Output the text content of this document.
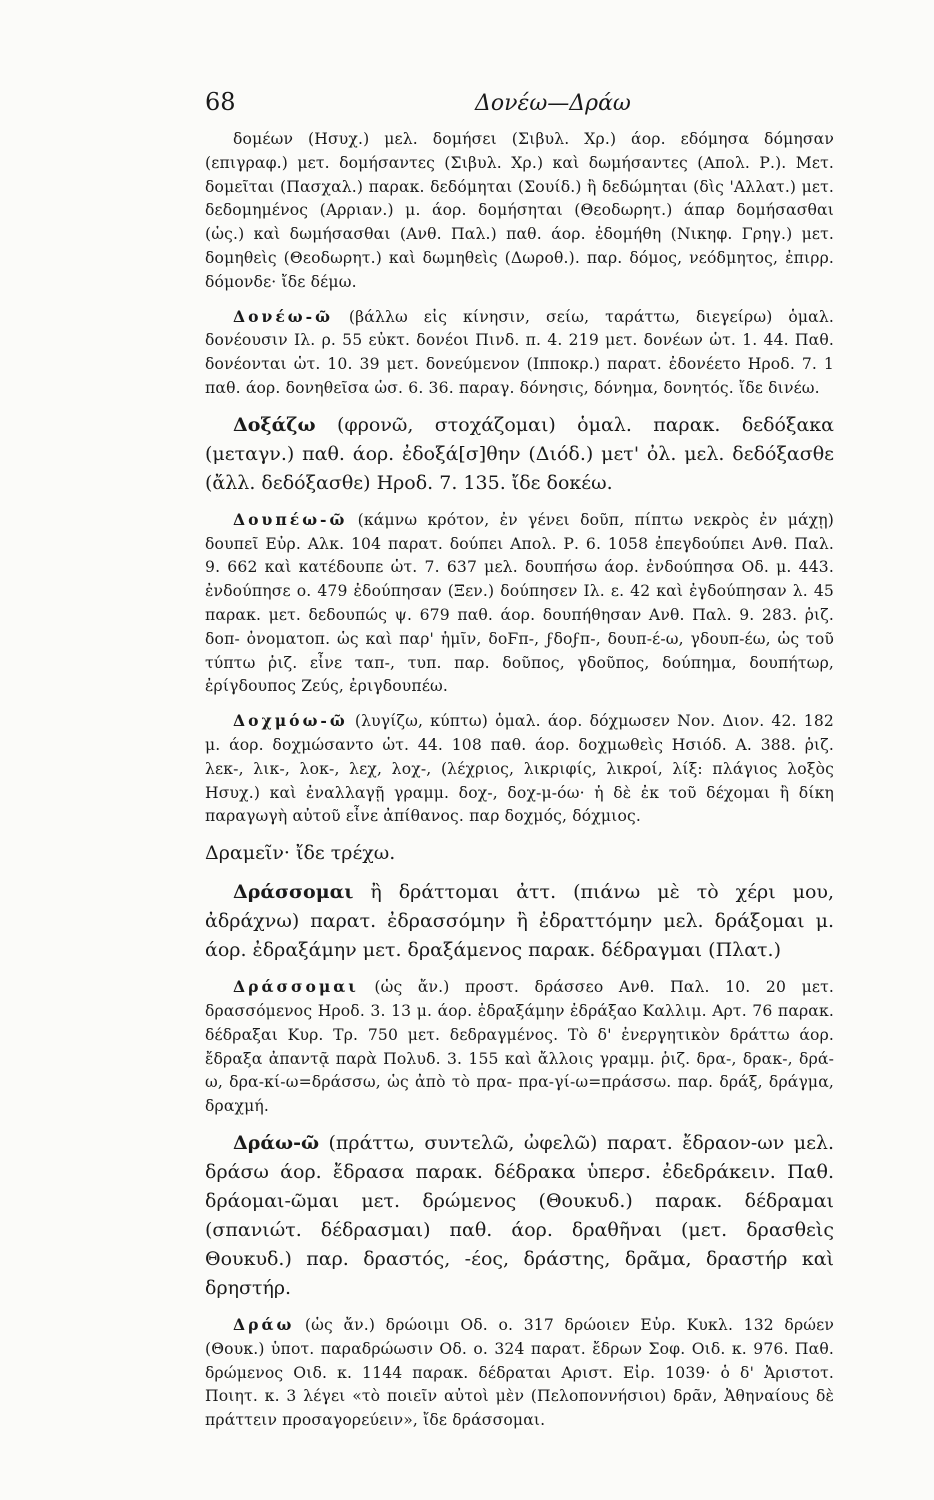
68	Δονέω—Δράω

δομέων (Ησυχ.) μελ. δομήσει (Σιβυλ. Χρ.) άορ. εδόμησα δόμησαν (επιγραφ.) μετ. δομήσαντες (Σιβυλ. Χρ.) καὶ δωμήσαντες (Απολ. Ρ.). Μετ. δομεῖται (Πασχαλ.) παρακ. δεδόμηται (Σουίδ.) ἢ δεδώμηται (δὶς 'Αλλατ.) μετ. δεδομημένος (Αρριαν.) μ. άορ. δομήσηται (Θεοδωρητ.) άπαρ δομήσασθαι (ὡς.) καὶ δωμήσασθαι (Ανθ. Παλ.) παθ. άορ. ἐδομήθη (Νικηφ. Γρηγ.) μετ. δομηθεὶς (Θεοδωρητ.) καὶ δωμηθεὶς (Δωροθ.). παρ. δόμος, νεόδμητος, ἐπιρρ. δόμονδε· ἴδε δέμω.

Δονέω-ῶ (βάλλω εἰς κίνησιν, σείω, ταράττω, διεγείρω) ὁμαλ. δονέουσιν Ιλ. ρ. 55 εὐκτ. δονέοι Πινδ. π. 4. 219 μετ. δονέων ὡτ. 1. 44. Παθ. δονέονται ὡτ. 10. 39 μετ. δονεύμενον (Ιπποκρ.) παρατ. ἐδονέετο Ηροδ. 7. 1 παθ. άορ. δονηθεῖσα ὡσ. 6. 36. παραγ. δόνησις, δόνημα, δονητός. ἴδε δινέω.

Δοξάζω (φρονῶ, στοχάζομαι) ὁμαλ. παρακ. δεδόξακα (μεταγν.) παθ. άορ. ἐδοξά[σ]θην (Διόδ.) μετ' ὀλ. μελ. δεδόξασθε (ἄλλ. δεδόξασθε) Ηροδ. 7. 135. ἴδε δοκέω.

Δουπέω-ῶ (κάμνω κρότον, ἐν γένει δοῦπ, πίπτω νεκρὸς ἐν μάχῃ) δουπεῖ Εὐρ. Αλκ. 104 παρατ. δούπει Απολ. Ρ. 6. 1058 ἐπεγδούπει Ανθ. Παλ. 9. 662 καὶ κατέδουπε ὡτ. 7. 637 μελ. δουπήσω άορ. ἐνδούπησα Οδ. μ. 443. ἐνδούπησε ο. 479 ἐδούπησαν (Ξεν.) δούπησεν Ιλ. ε. 42 καὶ ἐγδούπησαν λ. 45 παρακ. μετ. δεδουπώς ψ. 679 παθ. άορ. δουπήθησαν Ανθ. Παλ. 9. 283. ῥιζ. δοπ- ὀνοματοπ. ὡς καὶ παρ' ἡμῖν, δοϜπ-, ϝδοϝπ-, δουπ-έ-ω, γδουπ-έω, ὡς τοῦ τύπτω ῥιζ. εἶνε ταπ-, τυπ. παρ. δοῦπος, γδοῦπος, δούπημα, δουπήτωρ, ἐρίγδουπος Ζεύς, ἐριγδουπέω.

Δοχμόω-ῶ (λυγίζω, κύπτω) ὁμαλ. άορ. δόχμωσεν Νον. Διον. 42. 182 μ. άορ. δοχμώσαντο ὡτ. 44. 108 παθ. άορ. δοχμωθεὶς Ησιόδ. Α. 388. ῥιζ. λεκ-, λικ-, λοκ-, λεχ, λοχ-, (λέχριος, λικριφίς, λικροί, λίξ: πλάγιος λοξὸς Ησυχ.) καὶ ἐναλλαγῇ γραμμ. δοχ-, δοχ-μ-όω· ἡ δὲ ἐκ τοῦ δέχομαι ἢ δίκη παραγωγὴ αὐτοῦ εἶνε ἀπίθανος. παρ δοχμός, δόχμιος.

Δραμεῖν· ἴδε τρέχω.

Δράσσομαι ἢ δράττομαι ἀττ. (πιάνω μὲ τὸ χέρι μου, ἀδράχνω) παρατ. ἐδρασσόμην ἢ ἐδραττόμην μελ. δράξομαι μ. άορ. ἐδραξάμην μετ. δραξάμενος παρακ. δέδραγμαι (Πλατ.)

Δράσσομαι (ὡς ἄν.) προστ. δράσσεο Ανθ. Παλ. 10. 20 μετ. δρασσόμενος Ηροδ. 3. 13 μ. άορ. ἐδραξάμην ἐδράξαο Καλλιμ. Αρτ. 76 παρακ. δέδραξαι Κυρ. Τρ. 750 μετ. δεδραγμένος. Τὸ δ' ἐνεργητικὸν δράττω άορ. ἔδραξα ἀπαντᾷ παρὰ Πολυδ. 3. 155 καὶ ἄλλοις γραμμ. ῥιζ. δρα-, δρακ-, δρά-ω, δρα-κί-ω=δράσσω, ὡς ἀπὸ τὸ πρα- πρα-γί-ω=πράσσω. παρ. δράξ, δράγμα, δραχμή.

Δράω-ῶ (πράττω, συντελῶ, ὠφελῶ) παρατ. ἔδραον-ων μελ. δράσω άορ. ἔδρασα παρακ. δέδρακα ὑπερσ. ἐδεδράκειν. Παθ. δράομαι-ῶμαι μετ. δρώμενος (Θουκυδ.) παρακ. δέδραμαι (σπανιώτ. δέδρασμαι) παθ. άορ. δραθῆναι (μετ. δρασθεὶς Θουκυδ.) παρ. δραστός, -έος, δράστης, δρᾶμα, δραστήρ καὶ δρηστήρ.

Δράω (ὡς ἄν.) δρώοιμι Οδ. ο. 317 δρώοιεν Εὐρ. Κυκλ. 132 δρώεν (Θουκ.) ὑποτ. παραδρώωσιν Οδ. ο. 324 παρατ. ἔδρων Σοφ. Οιδ. κ. 976. Παθ. δρώμενος Οιδ. κ. 1144 παρακ. δέδραται Αριστ. Εἰρ. 1039· ὁ δ' Ἀριστοτ. Ποιητ. κ. 3 λέγει «τὸ ποιεῖν αὐτοὶ μὲν (Πελοποννήσιοι) δρᾶν, Ἀθηναίους δὲ πράττειν προσαγορεύειν», ἴδε δράσσομαι.
